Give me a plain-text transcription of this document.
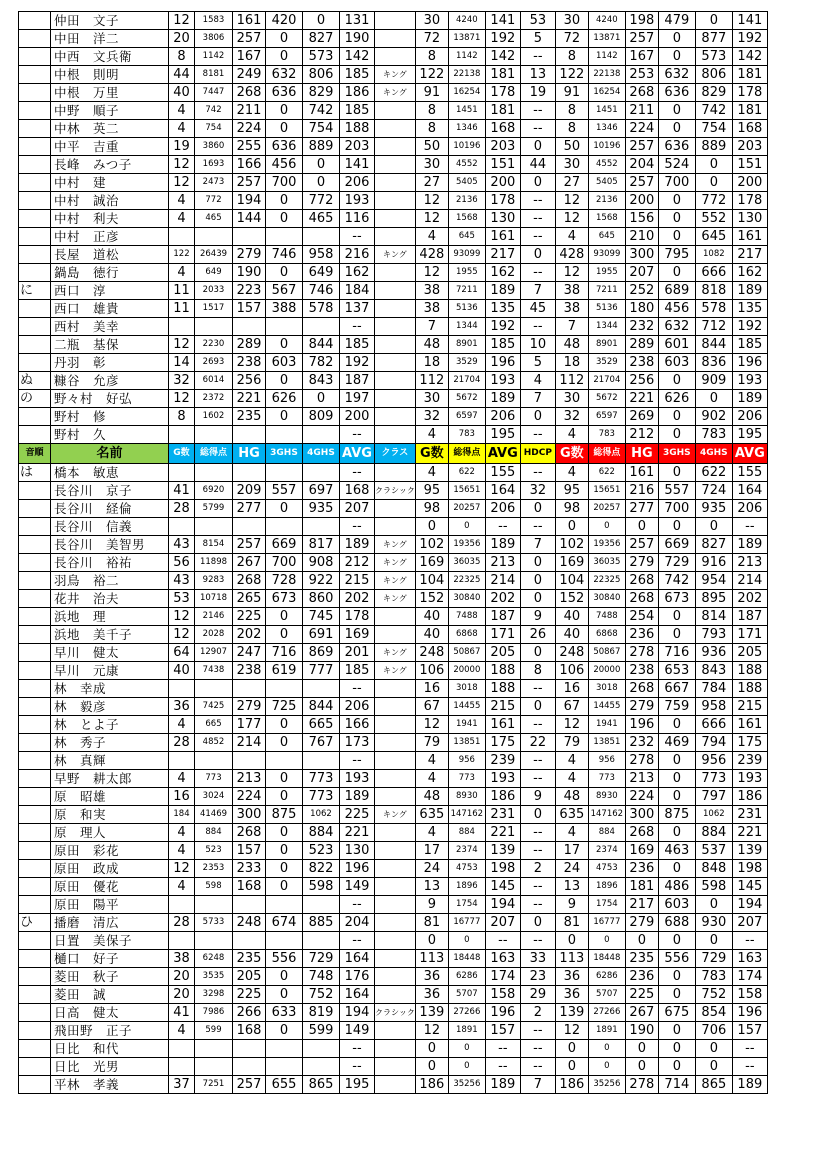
	仲田　文子	12	1583	161	420	0	131		30	4240	141	53	30	4240	198	479	0	141
	中田　洋二	20	3806	257	0	827	190		72	13871	192	5	72	13871	257	0	877	192
	中西　文兵衛	8	1142	167	0	573	142		8	1142	142	--	8	1142	167	0	573	142
	中根　則明	44	8181	249	632	806	185	キング	122	22138	181	13	122	22138	253	632	806	181
	中根　万里	40	7447	268	636	829	186	キング	91	16254	178	19	91	16254	268	636	829	178
	中野　順子	4	742	211	0	742	185		8	1451	181	--	8	1451	211	0	742	181
	中林　英二	4	754	224	0	754	188		8	1346	168	--	8	1346	224	0	754	168
	中平　吉重	19	3860	255	636	889	203		50	10196	203	0	50	10196	257	636	889	203
	長峰　みつ子	12	1693	166	456	0	141		30	4552	151	44	30	4552	204	524	0	151
	中村　建	12	2473	257	700	0	206		27	5405	200	0	27	5405	257	700	0	200
	中村　誠治	4	772	194	0	772	193		12	2136	178	--	12	2136	200	0	772	178
	中村　利夫	4	465	144	0	465	116		12	1568	130	--	12	1568	156	0	552	130
	中村　正彦						--		4	645	161	--	4	645	210	0	645	161
	長屋　道松	122	26439	279	746	958	216	キング	428	93099	217	0	428	93099	300	795	1082	217
	鍋島　徳行	4	649	190	0	649	162		12	1955	162	--	12	1955	207	0	666	162
に	西口　淳	11	2033	223	567	746	184		38	7211	189	7	38	7211	252	689	818	189
	西口　雄貴	11	1517	157	388	578	137		38	5136	135	45	38	5136	180	456	578	135
	西村　美幸						--		7	1344	192	--	7	1344	232	632	712	192
	二瓶　基保	12	2230	289	0	844	185		48	8901	185	10	48	8901	289	601	844	185
	丹羽　彰	14	2693	238	603	782	192		18	3529	196	5	18	3529	238	603	836	196
ぬ	糠谷　允彦	32	6014	256	0	843	187		112	21704	193	4	112	21704	256	0	909	193
の	野々村　好弘	12	2372	221	626	0	197		30	5672	189	7	30	5672	221	626	0	189
	野村　修	8	1602	235	0	809	200		32	6597	206	0	32	6597	269	0	902	206
	野村　久						--		4	783	195	--	4	783	212	0	783	195
音順	名前	G数	総得点	HG	3GHS	4GHS	AVG	クラス	G数	総得点	AVG	HDCP	G数	総得点	HG	3GHS	4GHS	AVG
は	橋本　敏恵						--		4	622	155	--	4	622	161	0	622	155
	長谷川　京子	41	6920	209	557	697	168	クラシック	95	15651	164	32	95	15651	216	557	724	164
	長谷川　経倫	28	5799	277	0	935	207		98	20257	206	0	98	20257	277	700	935	206
	長谷川　信義						--		0	0	--	--	0	0	0	0	0	--
	長谷川　美智男	43	8154	257	669	817	189	キング	102	19356	189	7	102	19356	257	669	827	189
	長谷川　裕祐	56	11898	267	700	908	212	キング	169	36035	213	0	169	36035	279	729	916	213
	羽鳥　裕二	43	9283	268	728	922	215	キング	104	22325	214	0	104	22325	268	742	954	214
	花井　治夫	53	10718	265	673	860	202	キング	152	30840	202	0	152	30840	268	673	895	202
	浜地　理	12	2146	225	0	745	178		40	7488	187	9	40	7488	254	0	814	187
	浜地　美千子	12	2028	202	0	691	169		40	6868	171	26	40	6868	236	0	793	171
	早川　健太	64	12907	247	716	869	201	キング	248	50867	205	0	248	50867	278	716	936	205
	早川　元康	40	7438	238	619	777	185	キング	106	20000	188	8	106	20000	238	653	843	188
	林　幸成						--		16	3018	188	--	16	3018	268	667	784	188
	林　毅彦	36	7425	279	725	844	206		67	14455	215	0	67	14455	279	759	958	215
	林　とよ子	4	665	177	0	665	166		12	1941	161	--	12	1941	196	0	666	161
	林　秀子	28	4852	214	0	767	173		79	13851	175	22	79	13851	232	469	794	175
	林　真輝						--		4	956	239	--	4	956	278	0	956	239
	早野　耕太郎	4	773	213	0	773	193		4	773	193	--	4	773	213	0	773	193
	原　昭雄	16	3024	224	0	773	189		48	8930	186	9	48	8930	224	0	797	186
	原　和実	184	41469	300	875	1062	225	キング	635	147162	231	0	635	147162	300	875	1062	231
	原　理人	4	884	268	0	884	221		4	884	221	--	4	884	268	0	884	221
	原田　彩花	4	523	157	0	523	130		17	2374	139	--	17	2374	169	463	537	139
	原田　政成	12	2353	233	0	822	196		24	4753	198	2	24	4753	236	0	848	198
	原田　優花	4	598	168	0	598	149		13	1896	145	--	13	1896	181	486	598	145
	原田　陽平						--		9	1754	194	--	9	1754	217	603	0	194
ひ	播磨　清広	28	5733	248	674	885	204		81	16777	207	0	81	16777	279	688	930	207
	日置　美保子						--		0	0	--	--	0	0	0	0	0	--
	樋口　好子	38	6248	235	556	729	164		113	18448	163	33	113	18448	235	556	729	163
	菱田　秋子	20	3535	205	0	748	176		36	6286	174	23	36	6286	236	0	783	174
	菱田　誠	20	3298	225	0	752	164		36	5707	158	29	36	5707	225	0	752	158
	日高　健太	41	7986	266	633	819	194	クラシック	139	27266	196	2	139	27266	267	675	854	196
	飛田野　正子	4	599	168	0	599	149		12	1891	157	--	12	1891	190	0	706	157
	日比　和代						--		0	0	--	--	0	0	0	0	0	--
	日比　光男						--		0	0	--	--	0	0	0	0	0	--
	平林　孝義	37	7251	257	655	865	195		186	35256	189	7	186	35256	278	714	865	189
